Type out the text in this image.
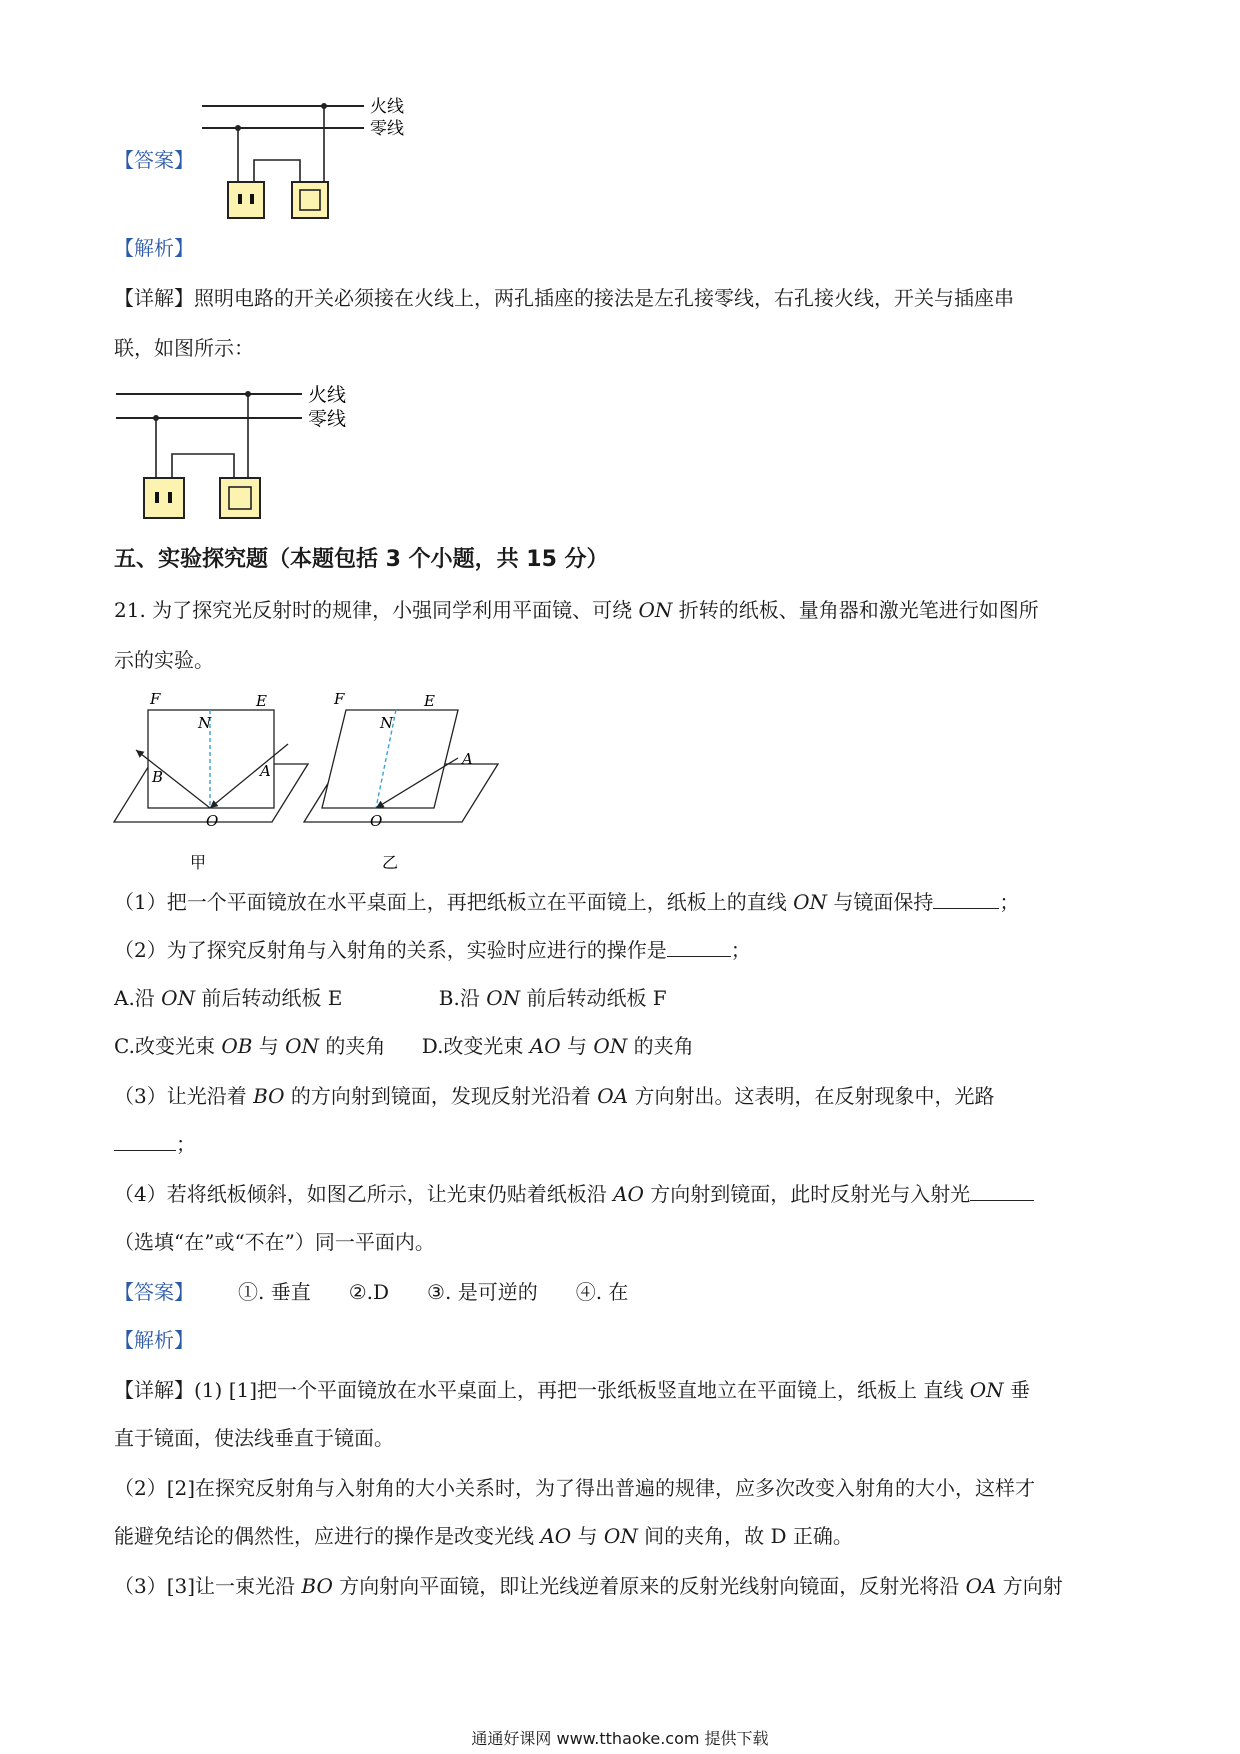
火线
零线
【答案】
【解析】
【详解】照明电路的开关必须接在火线上，两孔插座的接法是左孔接零线，右孔接火线，开关与插座串
联，如图所示：
火线
零线
五、实验探究题（本题包括 3 个小题，共 15 分）
21. 为了探究光反射时的规律，小强同学利用平面镜、可绕 ON 折转的纸板、量角器和激光笔进行如图所
示的实验。
F	E
N
A
B
O
甲
F	E
N
A
O
乙
（1）把一个平面镜放在水平桌面上，再把纸板立在平面镜上，纸板上的直线 ON 与镜面保持	；
（2）为了探究反射角与入射角的关系，实验时应进行的操作是	；
A.沿 ON 前后转动纸板 E	B.沿 ON 前后转动纸板 F
C.改变光束 OB 与 ON 的夹角 D.改变光束 AO 与 ON 的夹角
（3）让光沿着 BO 的方向射到镜面，发现反射光沿着 OA 方向射出。这表明，在反射现象中，光路
；
（4）若将纸板倾斜，如图乙所示，让光束仍贴着纸板沿 AO 方向射到镜面，此时反射光与入射光
（选填“在”或“不在”）同一平面内。
【答案】 ①. 垂直 ②.D ③. 是可逆的 ④. 在
【解析】
【详解】(1) [1]把一个平面镜放在水平桌面上，再把一张纸板竖直地立在平面镜上，纸板上 直线 ON 垂
直于镜面，使法线垂直于镜面。
（2）[2]在探究反射角与入射角的大小关系时，为了得出普遍的规律，应多次改变入射角的大小，这样才
能避免结论的偶然性，应进行的操作是改变光线 AO 与 ON 间的夹角，故 D 正确。
（3）[3]让一束光沿 BO 方向射向平面镜，即让光线逆着原来的反射光线射向镜面，反射光将沿 OA 方向射
通通好课网 www.tthaoke.com 提供下载
